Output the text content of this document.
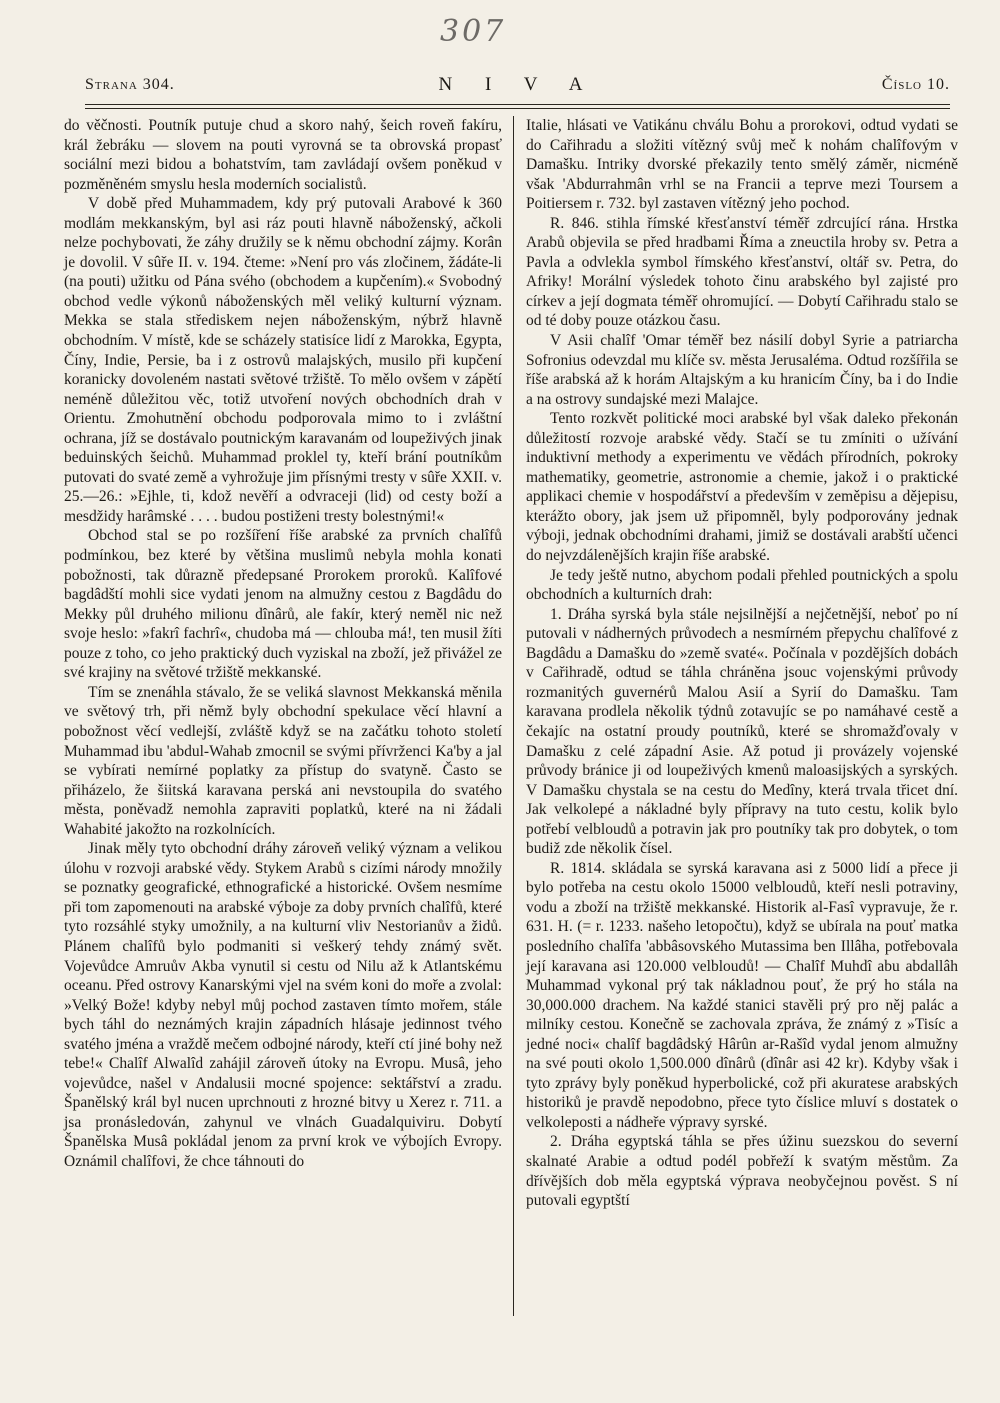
307
Strana 304.	N I V A	Číslo 10.

do věčnosti. Poutník putuje chud a skoro nahý, šeich roveň fakíru, král žebráku — slovem na pouti vyrovná se ta obrovská propasť sociální mezi bidou a bohatstvím, tam zavládají ovšem poněkud v pozměněném smyslu hesla moderních socialistů.

V době před Muhammadem, kdy prý putovali Arabové k 360 modlám mekkanským, byl asi ráz pouti hlavně náboženský, ačkoli nelze pochybovati, že záhy družily se k němu obchodní zájmy. Korân je dovolil. V sûře II. v. 194. čteme: »Není pro vás zločinem, žádáte-li (na pouti) užitku od Pána svého (obchodem a kupčením).« Svobodný obchod vedle výkonů náboženských měl veliký kulturní význam. Mekka se stala střediskem nejen náboženským, nýbrž hlavně obchodním. V místě, kde se scházely statisíce lidí z Marokka, Egypta, Číny, Indie, Persie, ba i z ostrovů malajských, musilo při kupčení koranicky dovoleném nastati světové tržiště. To mělo ovšem v zápětí neméně důležitou věc, totiž utvoření nových obchodních drah v Orientu. Zmohutnění obchodu podporovala mimo to i zvláštní ochrana, jíž se dostávalo poutnickým karavanám od loupeživých jinak beduinských šeichů. Muhammad proklel ty, kteří brání poutníkům putovati do svaté země a vyhrožuje jim přísnými tresty v sûře XXII. v. 25.—26.: »Ejhle, ti, kdož nevěří a odvraceji (lid) od cesty boží a mesdžidy harâmské . . . . budou postiženi tresty bolestnými!«

Obchod stal se po rozšíření říše arabské za prvních chalîfů podmínkou, bez které by většina muslimů nebyla mohla konati pobožnosti, tak důrazně předepsané Prorokem proroků. Kalîfové bagdâdští mohli sice vydati jenom na almužny cestou z Bagdâdu do Mekky půl druhého milionu dînârů, ale fakír, který neměl nic než svoje heslo: »fakrî fachrî«, chudoba má — chlouba má!, ten musil žíti pouze z toho, co jeho praktický duch vyziskal na zboží, jež přivážel ze své krajiny na světové tržiště mekkanské.

Tím se znenáhla stávalo, že se veliká slavnost Mekkanská měnila ve světový trh, při němž byly obchodní spekulace věcí hlavní a pobožnost věcí vedlejší, zvláště když se na začátku tohoto století Muhammad ibu 'abdul-Wahab zmocnil se svými přívrženci Ka'by a jal se vybírati nemírné poplatky za přístup do svatyně. Často se přiházelo, že šiitská karavana perská ani nevstoupila do svatého města, poněvadž nemohla zapraviti poplatků, které na ni žádali Wahabité jakožto na rozkolnících.

Jinak měly tyto obchodní dráhy zároveň veliký význam a velikou úlohu v rozvoji arabské vědy. Stykem Arabů s cizími národy množily se poznatky geografické, ethnografické a historické. Ovšem nesmíme při tom zapomenouti na arabské výboje za doby prvních chalîfů, které tyto rozsáhlé styky umožnily, a na kulturní vliv Nestorianův a židů. Plánem chalîfů bylo podmaniti si veškerý tehdy známý svět. Vojevůdce Amruův Akba vynutil si cestu od Nilu až k Atlantskému oceanu. Před ostrovy Kanarskými vjel na svém koni do moře a zvolal: »Velký Bože! kdyby nebyl můj pochod zastaven tímto mořem, stále bych táhl do neznámých krajin západních hlásaje jedinnost tvého svatého jména a vraždě mečem odbojné národy, kteří ctí jiné bohy než tebe!« Chalîf Alwalîd zahájil zároveň útoky na Evropu. Musâ, jeho vojevůdce, našel v Andalusii mocné spojence: sektářství a zradu. Španělský král byl nucen uprchnouti z hrozné bitvy u Xerez r. 711. a jsa pronásledován, zahynul ve vlnách Guadalquiviru. Dobytí Španělska Musâ pokládal jenom za první krok ve výbojích Evropy. Oznámil chalîfovi, že chce táhnouti do

Italie, hlásati ve Vatikánu chválu Bohu a prorokovi, odtud vydati se do Cařihradu a složiti vítězný svůj meč k nohám chalîfovým v Damašku. Intriky dvorské překazily tento smělý záměr, nicméně však 'Abdurrahmân vrhl se na Francii a teprve mezi Toursem a Poitiersem r. 732. byl zastaven vítězný jeho pochod.

R. 846. stihla římské křesťanství téměř zdrcující rána. Hrstka Arabů objevila se před hradbami Říma a zneuctila hroby sv. Petra a Pavla a odvlekla symbol římského křesťanství, oltář sv. Petra, do Afriky! Morální výsledek tohoto činu arabského byl zajisté pro církev a její dogmata téměř ohromující. — Dobytí Cařihradu stalo se od té doby pouze otázkou času.

V Asii chalîf 'Omar téměř bez násilí dobyl Syrie a patriarcha Sofronius odevzdal mu klíče sv. města Jerusaléma. Odtud rozšířila se říše arabská až k horám Altajským a ku hranicím Číny, ba i do Indie a na ostrovy sundajské mezi Malajce.

Tento rozkvět politické moci arabské byl však daleko překonán důležitostí rozvoje arabské vědy. Stačí se tu zmíniti o užívání induktivní methody a experimentu ve vědách přírodních, pokroky mathematiky, geometrie, astronomie a chemie, jakož i o praktické applikaci chemie v hospodářství a především v zeměpisu a dějepisu, kterážto obory, jak jsem už připomněl, byly podporovány jednak výboji, jednak obchodními drahami, jimiž se dostávali arabští učenci do nejvzdálenějších krajin říše arabské.

Je tedy ještě nutno, abychom podali přehled poutnických a spolu obchodních a kulturních drah:

1. Dráha syrská byla stále nejsilnější a nejčetnější, neboť po ní putovali v nádherných průvodech a nesmírném přepychu chalîfové z Bagdâdu a Damašku do »země svaté«. Počínala v pozdějších dobách v Cařihradě, odtud se táhla chráněna jsouc vojenskými průvody rozmanitých guvernérů Malou Asií a Syrií do Damašku. Tam karavana prodlela několik týdnů zotavujíc se po namáhavé cestě a čekajíc na ostatní proudy poutníků, které se shromažďovaly v Damašku z celé západní Asie. Až potud ji provázely vojenské průvody bránice ji od loupeživých kmenů maloasijských a syrských. V Damašku chystala se na cestu do Medîny, která trvala třicet dní. Jak velkolepé a nákladné byly přípravy na tuto cestu, kolik bylo potřebí velbloudů a potravin jak pro poutníky tak pro dobytek, o tom budiž zde několik čísel.

R. 1814. skládala se syrská karavana asi z 5000 lidí a přece ji bylo potřeba na cestu okolo 15000 velbloudů, kteří nesli potraviny, vodu a zboží na tržiště mekkanské. Historik al-Fasî vypravuje, že r. 631. H. (= r. 1233. našeho letopočtu), když se ubírala na pouť matka posledního chalîfa 'abbâsovského Mutassima ben Illâha, potřebovala její karavana asi 120.000 velbloudů! — Chalîf Muhdî abu abdallâh Muhammad vykonal prý tak nákladnou pouť, že prý ho stála na 30,000.000 drachem. Na každé stanici stavěli prý pro něj palác a milníky cestou. Konečně se zachovala zpráva, že známý z »Tisíc a jedné noci« chalîf bagdâdský Hârûn ar-Rašîd vydal jenom almužny na své pouti okolo 1,500.000 dînârů (dînâr asi 42 kr). Kdyby však i tyto zprávy byly poněkud hyperbolické, což při akuratese arabských historiků je pravdě nepodobno, přece tyto číslice mluví s dostatek o velkoleposti a nádheře výpravy syrské.

2. Dráha egyptská táhla se přes úžinu suezskou do severní skalnaté Arabie a odtud podél pobřeží k svatým městům. Za dřívějších dob měla egyptská výprava neobyčejnou pověst. S ní putovali egyptští
